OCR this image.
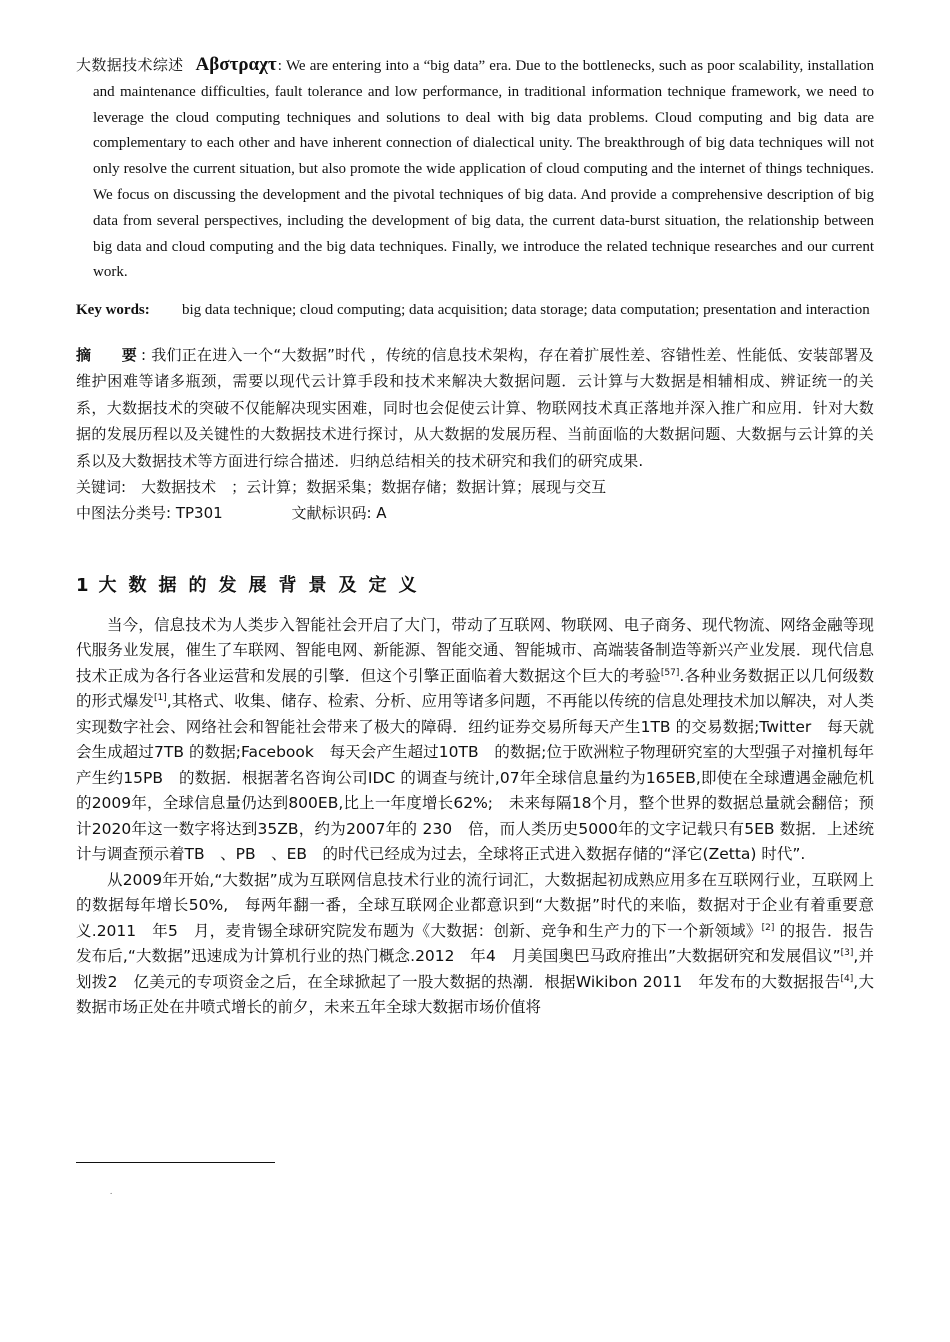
大数据技术综述 Αβστραχτ: We are entering into a “big data” era. Due to the bottlenecks, such as poor scalability, installation and maintenance difficulties, fault tolerance and low performance, in traditional information technique framework, we need to leverage the cloud computing techniques and solutions to deal with big data problems. Cloud computing and big data are complementary to each other and have inherent connection of dialectical unity. The breakthrough of big data techniques will not only resolve the current situation, but also promote the wide application of cloud computing and the internet of things techniques. We focus on discussing the development and the pivotal techniques of big data. And provide a comprehensive description of big data from several perspectives, including the development of big data, the current data-burst situation, the relationship between big data and cloud computing and the big data techniques. Finally, we introduce the related technique researches and our current work.

Key words:	big data technique; cloud computing; data acquisition; data storage; data computation; presentation and interaction

摘　　要 : 我们正在进入一个“大数据”时代 ，传统的信息技术架构，存在着扩展性差、容错性差、性能低、安装部署及维护困难等诸多瓶颈，需要以现代云计算手段和技术来解决大数据问题．云计算与大数据是相辅相成、辨证统一的关系，大数据技术的突破不仅能解决现实困难，同时也会促使云计算、物联网技术真正落地并深入推广和应用．针对大数据的发展历程以及关键性的大数据技术进行探讨，从大数据的发展历程、当前面临的大数据问题、大数据与云计算的关系以及大数据技术等方面进行综合描述．归纳总结相关的技术研究和我们的研究成果.

关键词:　大数据技术　；云计算；数据采集；数据存储；数据计算；展现与交互
中图法分类号: TP301	文献标识码: A
1 大数据的发展背景及定义

当今，信息技术为人类步入智能社会开启了大门，带动了互联网、物联网、电子商务、现代物流、网络金融等现代服务业发展，催生了车联网、智能电网、新能源、智能交通、智能城市、高端装备制造等新兴产业发展．现代信息技术正成为各行各业运营和发展的引擎．但这个引擎正面临着大数据这个巨大的考验[57].各种业务数据正以几何级数的形式爆发[1],其格式、收集、储存、检索、分析、应用等诸多问题，不再能以传统的信息处理技术加以解决，对人类实现数字社会、网络社会和智能社会带来了极大的障碍．纽约证券交易所每天产生1TB 的交易数据;Twitter　每天就会生成超过7TB 的数据;Facebook　每天会产生超过10TB　的数据;位于欧洲粒子物理研究室的大型强子对撞机每年产生约15PB　的数据．根据著名咨询公司IDC 的调查与统计,07年全球信息量约为165EB,即使在全球遭遇金融危机的2009年，全球信息量仍达到800EB,比上一年度增长62%;　未来每隔18个月，整个世界的数据总量就会翻倍；预计2020年这一数字将达到35ZB，约为2007年的 230　倍，而人类历史5000年的文字记载只有5EB 数据．上述统计与调查预示着TB　、PB　、EB　的时代已经成为过去，全球将正式进入数据存储的“泽它(Zetta) 时代”.

从2009年开始,“大数据”成为互联网信息技术行业的流行词汇，大数据起初成熟应用多在互联网行业，互联网上的数据每年增长50%,　每两年翻一番，全球互联网企业都意识到“大数据”时代的来临，数据对于企业有着重要意义.2011　年5　月，麦肯锡全球研究院发布题为《大数据：创新、竞争和生产力的下一个新领域》[2] 的报告．报告发布后,“大数据”迅速成为计算机行业的热门概念.2012　年4　月美国奥巴马政府推出”大数据研究和发展倡议”[3],并划拨2　亿美元的专项资金之后，在全球掀起了一股大数据的热潮．根据Wikibon 2011　年发布的大数据报告[4],大数据市场正处在井喷式增长的前夕，未来五年全球大数据市场价值将

.
